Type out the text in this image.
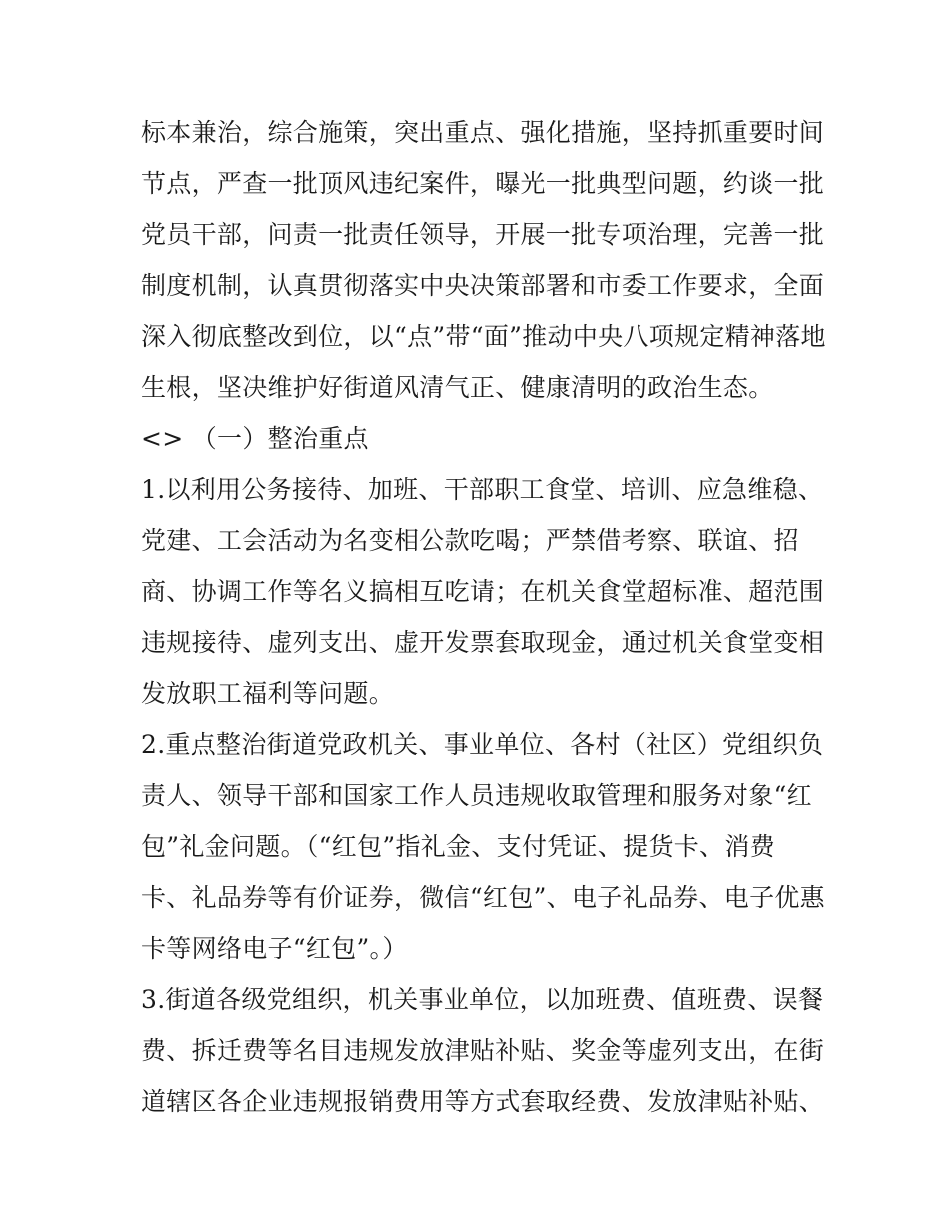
标本兼治，综合施策，突出重点、强化措施，坚持抓重要时间
节点，严查一批顶风违纪案件，曝光一批典型问题，约谈一批
党员干部，问责一批责任领导，开展一批专项治理，完善一批
制度机制，认真贯彻落实中央决策部署和市委工作要求，全面
深入彻底整改到位，以“点”带“面”推动中央八项规定精神落地
生根，坚决维护好街道风清气正、健康清明的政治生态。
<> （一）整治重点
1.以利用公务接待、加班、干部职工食堂、培训、应急维稳、
党建、工会活动为名变相公款吃喝；严禁借考察、联谊、招
商、协调工作等名义搞相互吃请；在机关食堂超标准、超范围
违规接待、虚列支出、虚开发票套取现金，通过机关食堂变相
发放职工福利等问题。
2.重点整治街道党政机关、事业单位、各村（社区）党组织负
责人、领导干部和国家工作人员违规收取管理和服务对象“红
包”礼金问题。（“红包”指礼金、支付凭证、提货卡、消费
卡、礼品券等有价证券，微信“红包”、电子礼品券、电子优惠
卡等网络电子“红包”。）
3.街道各级党组织，机关事业单位，以加班费、值班费、误餐
费、拆迁费等名目违规发放津贴补贴、奖金等虚列支出，在街
道辖区各企业违规报销费用等方式套取经费、发放津贴补贴、
